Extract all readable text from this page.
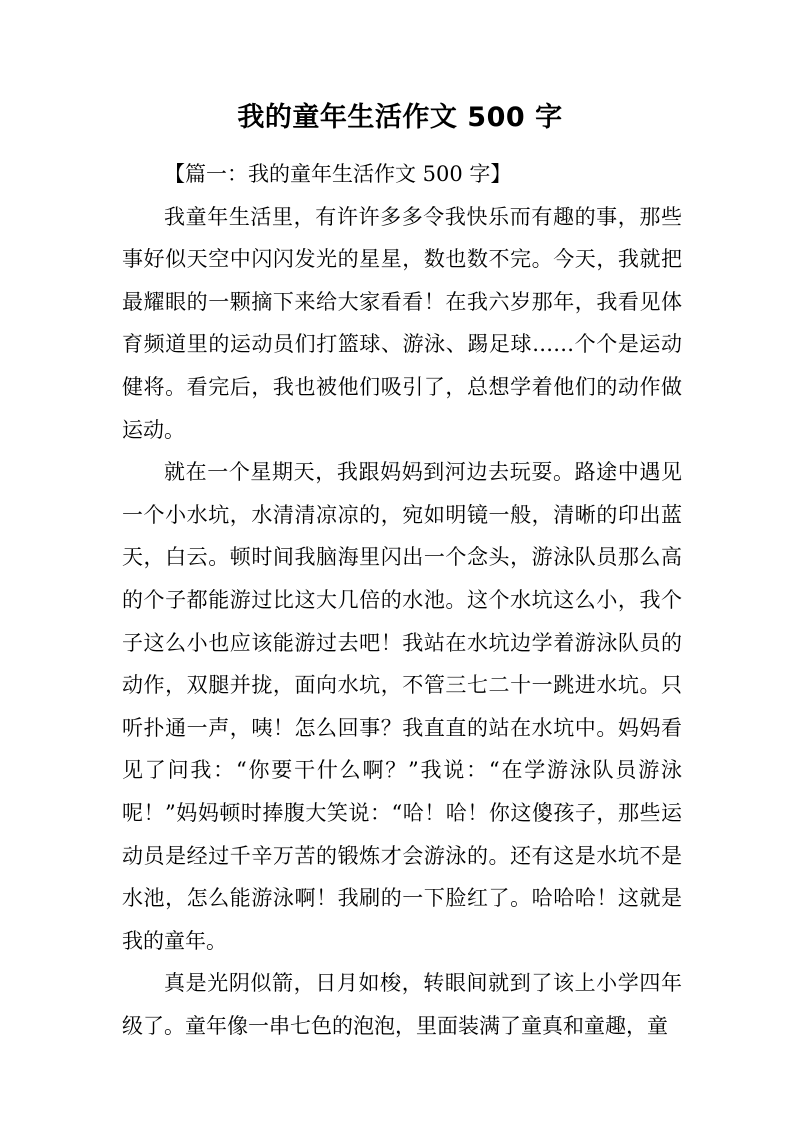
我的童年生活作文 500 字

【篇一：我的童年生活作文 500 字】

我童年生活里，有许许多多令我快乐而有趣的事，那些事好似天空中闪闪发光的星星，数也数不完。今天，我就把最耀眼的一颗摘下来给大家看看！在我六岁那年，我看见体育频道里的运动员们打篮球、游泳、踢足球……个个是运动健将。看完后，我也被他们吸引了，总想学着他们的动作做运动。

就在一个星期天，我跟妈妈到河边去玩耍。路途中遇见一个小水坑，水清清凉凉的，宛如明镜一般，清晰的印出蓝天，白云。顿时间我脑海里闪出一个念头，游泳队员那么高的个子都能游过比这大几倍的水池。这个水坑这么小，我个子这么小也应该能游过去吧！我站在水坑边学着游泳队员的动作，双腿并拢，面向水坑，不管三七二十一跳进水坑。只听扑通一声，咦！怎么回事？我直直的站在水坑中。妈妈看见了问我：“你要干什么啊？”我说：“在学游泳队员游泳呢！”妈妈顿时捧腹大笑说：“哈！哈！你这傻孩子，那些运动员是经过千辛万苦的锻炼才会游泳的。还有这是水坑不是水池，怎么能游泳啊！我刷的一下脸红了。哈哈哈！这就是我的童年。

真是光阴似箭，日月如梭，转眼间就到了该上小学四年级了。童年像一串七色的泡泡，里面装满了童真和童趣，童
